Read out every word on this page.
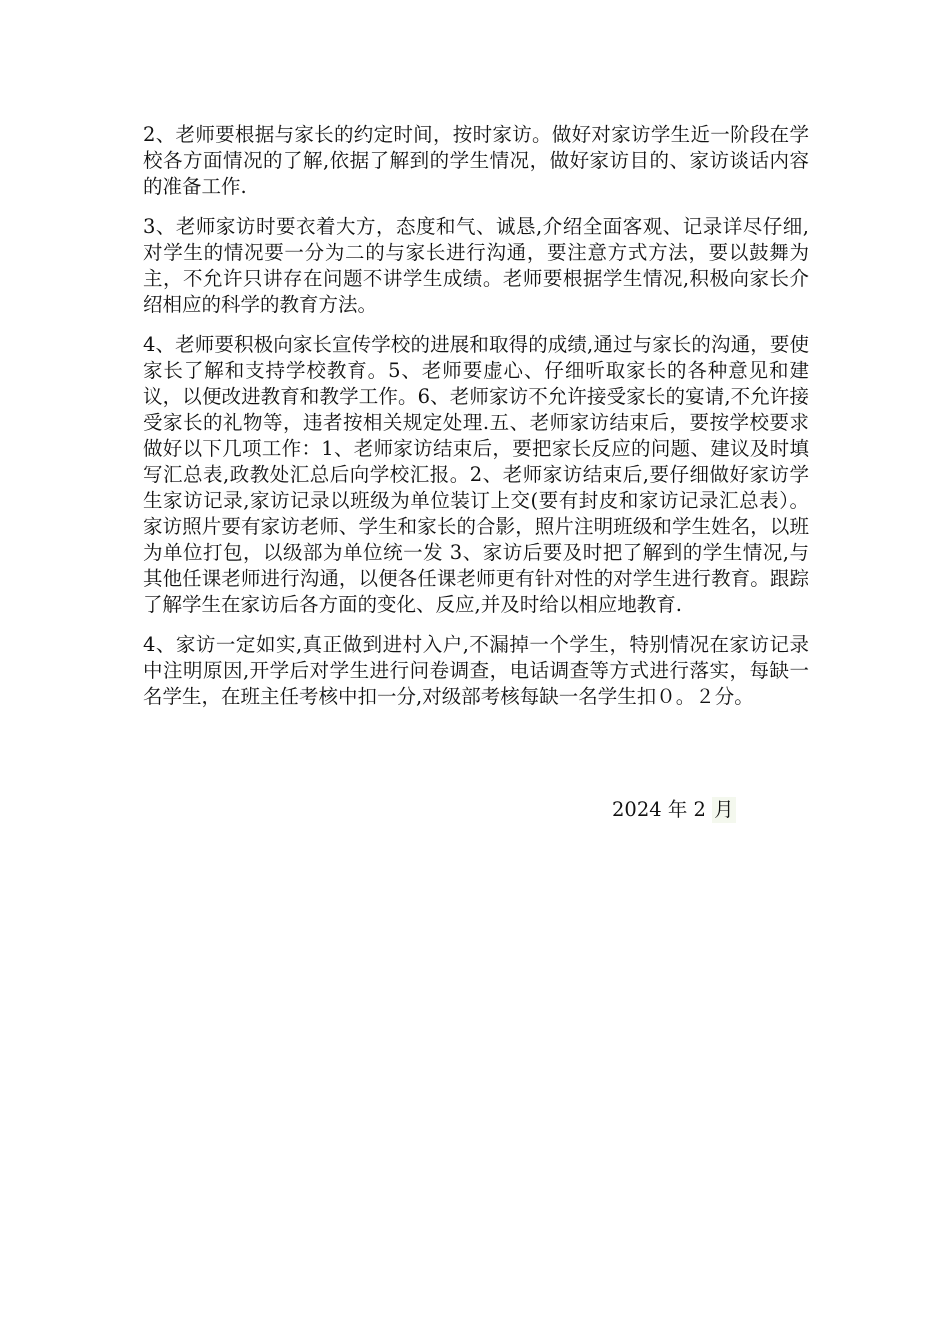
2、老师要根据与家长的约定时间，按时家访。做好对家访学生近一阶段在学校各方面情况的了解,依据了解到的学生情况，做好家访目的、家访谈话内容的准备工作.

3、老师家访时要衣着大方，态度和气、诚恳,介绍全面客观、记录详尽仔细,对学生的情况要一分为二的与家长进行沟通，要注意方式方法，要以鼓舞为主，不允许只讲存在问题不讲学生成绩。老师要根据学生情况,积极向家长介绍相应的科学的教育方法。

4、老师要积极向家长宣传学校的进展和取得的成绩,通过与家长的沟通，要使家长了解和支持学校教育。5、老师要虚心、仔细听取家长的各种意见和建议，以便改进教育和教学工作。6、老师家访不允许接受家长的宴请,不允许接受家长的礼物等，违者按相关规定处理.五、老师家访结束后，要按学校要求做好以下几项工作：1、老师家访结束后，要把家长反应的问题、建议及时填写汇总表,政教处汇总后向学校汇报。2、老师家访结束后,要仔细做好家访学生家访记录,家访记录以班级为单位装订上交(要有封皮和家访记录汇总表）。家访照片要有家访老师、学生和家长的合影，照片注明班级和学生姓名，以班为单位打包，以级部为单位统一发 3、家访后要及时把了解到的学生情况,与其他任课老师进行沟通，以便各任课老师更有针对性的对学生进行教育。跟踪了解学生在家访后各方面的变化、反应,并及时给以相应地教育.

4、家访一定如实,真正做到进村入户,不漏掉一个学生，特别情况在家访记录中注明原因,开学后对学生进行问卷调查，电话调查等方式进行落实，每缺一名学生，在班主任考核中扣一分,对级部考核每缺一名学生扣０。２分。

2024 年 2 月
